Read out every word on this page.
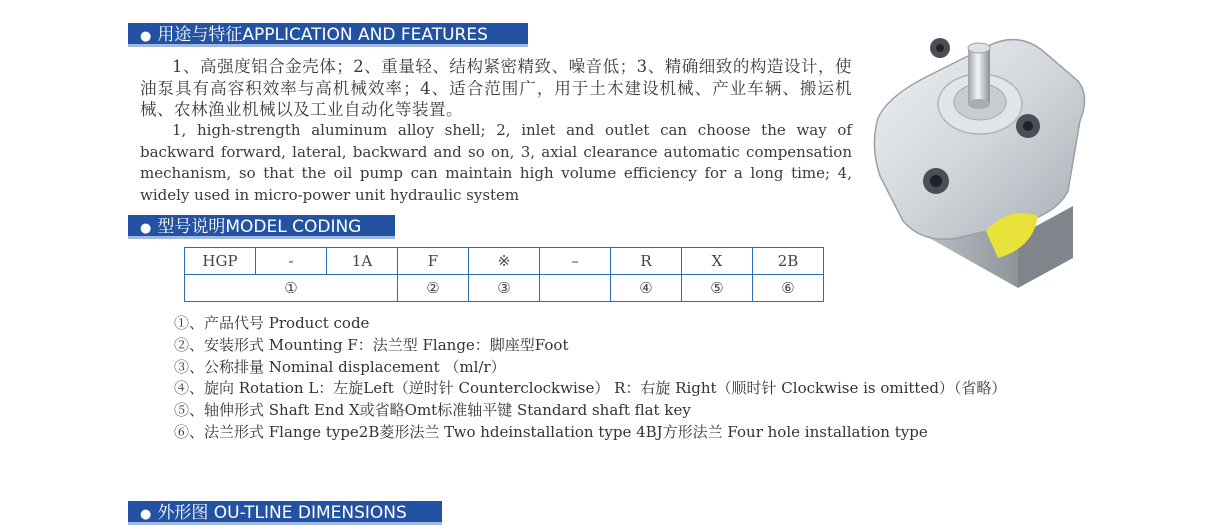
● 用途与特征APPLICATION AND FEATURES

1、高强度铝合金壳体；2、重量轻、结构紧密精致、噪音低；3、精确细致的构造设计，使油泵具有高容积效率与高机械效率；4、适合范围广，用于土木建设机械、产业车辆、搬运机械、农林渔业机械以及工业自动化等装置。

1, high-strength aluminum alloy shell; 2, inlet and outlet can choose the way of backward forward, lateral, backward and so on, 3, axial clearance automatic compensation mechanism, so that the oil pump can maintain high volume efficiency for a long time; 4, widely used in micro-power unit hydraulic system

● 型号说明MODEL CODING
HGP	-	1A	F	※	–	R	X	2B
①			②	③		④	⑤	⑥
①、产品代号 Product code
②、安装形式 Mounting F：法兰型 Flange：脚座型Foot
③、公称排量 Nominal displacement （ml/r）
④、旋向 Rotation L：左旋Left（逆时针 Counterclockwise） R：右旋 Right（顺时针 Clockwise is omitted）（省略）
⑤、轴伸形式 Shaft End X或省略Omt标准轴平键 Standard shaft flat key
⑥、法兰形式 Flange type2B菱形法兰 Two hdeinstallation type 4BJ方形法兰 Four hole installation type
● 外形图 OU-TLINE DIMENSIONS
